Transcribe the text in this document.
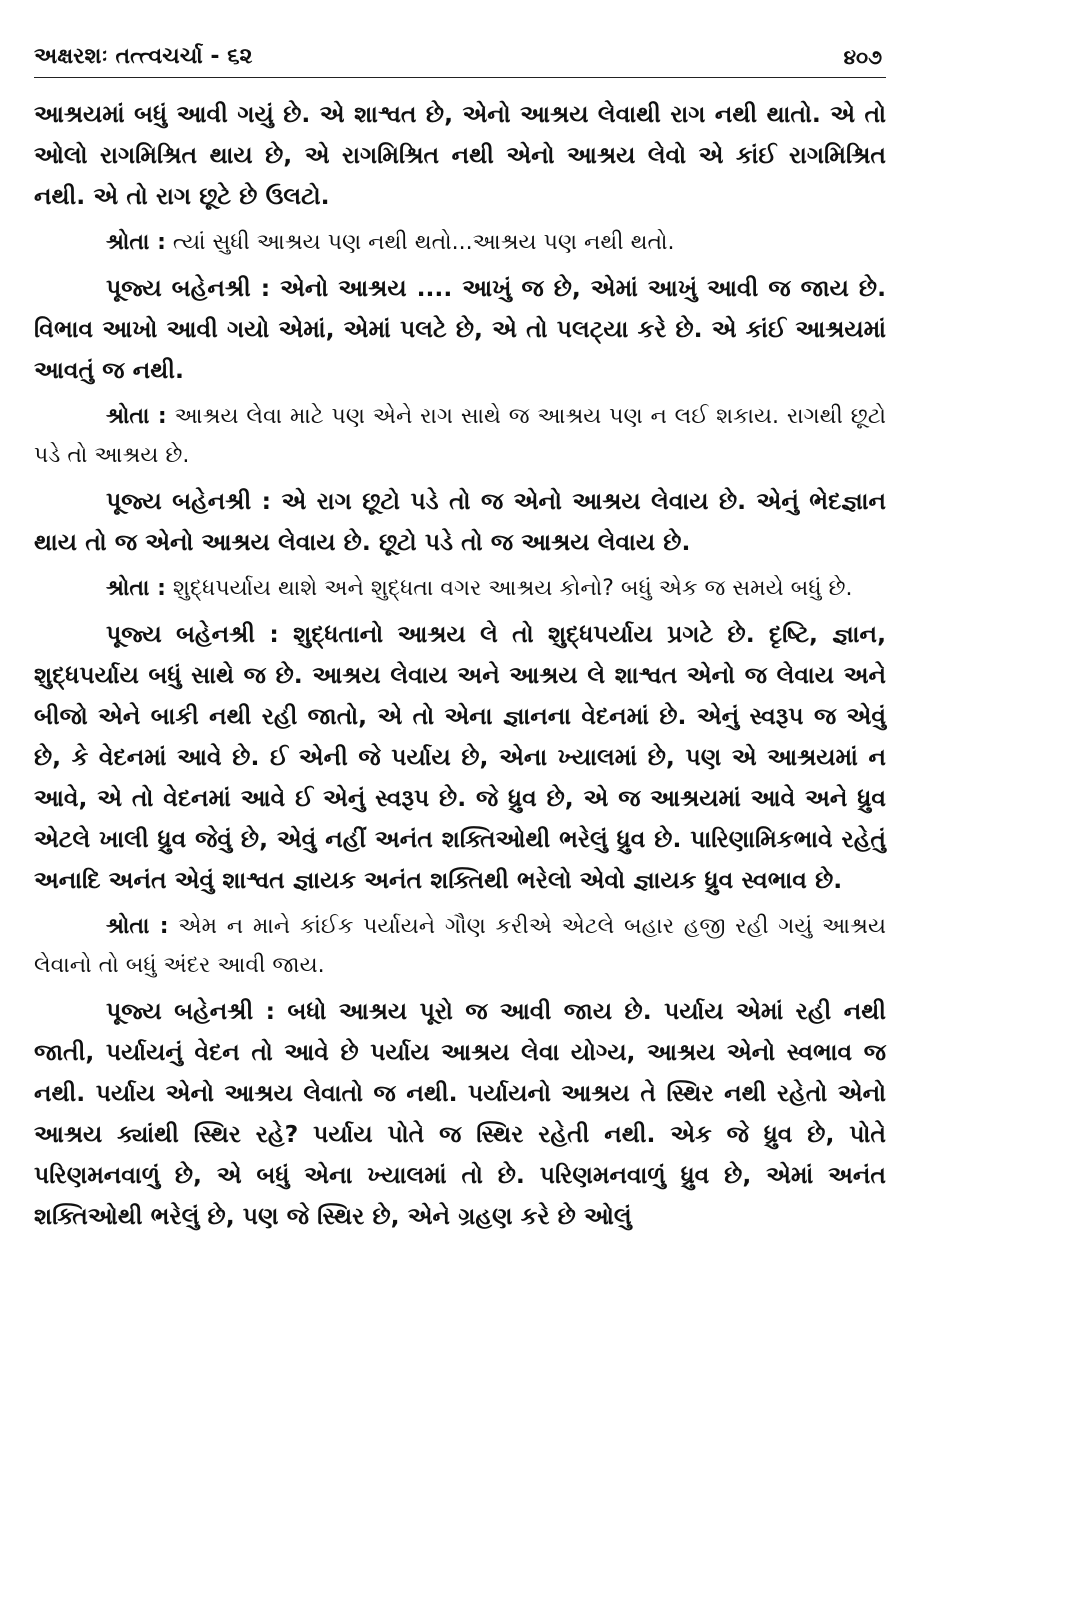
અક્ષરશઃ તત્ત્વચર્ચા - ૬૨	૪૦૭

આશ્રયમાં બધું આવી ગયું છે. એ શાશ્વત છે, એનો આશ્રય લેવાથી રાગ નથી થાતો. એ તો ઓલો રાગમિશ્રિત થાય છે, એ રાગમિશ્રિત નથી એનો આશ્રય લેવો એ કાંઈ રાગમિશ્રિત નથી. એ તો રાગ છૂટે છે ઉલટો.

શ્રોતા : ત્યાં સુધી આશ્રય પણ નથી થતો...આશ્રય પણ નથી થતો.

પૂજ્ય બહેનશ્રી : એનો આશ્રય .... આખું જ છે, એમાં આખું આવી જ જાય છે. વિભાવ આખો આવી ગયો એમાં, એમાં પલટે છે, એ તો પલટ્યા કરે છે. એ કાંઈ આશ્રયમાં આવતું જ નથી.

શ્રોતા : આશ્રય લેવા માટે પણ એને રાગ સાથે જ આશ્રય પણ ન લઈ શકાય. રાગથી છૂટો પડે તો આશ્રય છે.

પૂજ્ય બહેનશ્રી : એ રાગ છૂટો પડે તો જ એનો આશ્રય લેવાય છે. એનું ભેદજ્ઞાન થાય તો જ એનો આશ્રય લેવાય છે. છૂટો પડે તો જ આશ્રય લેવાય છે.

શ્રોતા : શુદ્ધપર્યાય થાશે અને શુદ્ધતા વગર આશ્રય કોનો? બધું એક જ સમયે બધું છે.

પૂજ્ય બહેનશ્રી : શુદ્ધતાનો આશ્રય લે તો શુદ્ધપર્યાય પ્રગટે છે. દૃષ્ટિ, જ્ઞાન, શુદ્ધપર્યાય બધું સાથે જ છે. આશ્રય લેવાય અને આશ્રય લે શાશ્વત એનો જ લેવાય અને બીજો એને બાકી નથી રહી જાતો, એ તો એના જ્ઞાનના વેદનમાં છે. એનું સ્વરૂપ જ એવું છે, કે વેદનમાં આવે છે. ઈ એની જે પર્યાય છે, એના ખ્યાલમાં છે, પણ એ આશ્રયમાં ન આવે, એ તો વેદનમાં આવે ઈ એનું સ્વરૂપ છે. જે ધ્રુવ છે, એ જ આશ્રયમાં આવે અને ધ્રુવ એટલે ખાલી ધ્રુવ જેવું છે, એવું નહીં અનંત શક્તિઓથી ભરેલું ધ્રુવ છે. પારિણામિકભાવે રહેતું અનાદિ અનંત એવું શાશ્વત જ્ઞાયક અનંત શક્તિથી ભરેલો એવો જ્ઞાયક ધ્રુવ સ્વભાવ છે.

શ્રોતા : એમ ન માને કાંઈક પર્યાયને ગૌણ કરીએ એટલે બહાર હજી રહી ગયું આશ્રય લેવાનો તો બધું અંદર આવી જાય.

પૂજ્ય બહેનશ્રી : બધો આશ્રય પૂરો જ આવી જાય છે. પર્યાય એમાં રહી નથી જાતી, પર્યાયનું વેદન તો આવે છે પર્યાય આશ્રય લેવા યોગ્ય, આશ્રય એનો સ્વભાવ જ નથી. પર્યાય એનો આશ્રય લેવાતો જ નથી. પર્યાયનો આશ્રય તે સ્થિર નથી રહેતો એનો આશ્રય ક્યાંથી સ્થિર રહે? પર્યાય પોતે જ સ્થિર રહેતી નથી. એક જે ધ્રુવ છે, પોતે પરિણમનવાળું છે, એ બધું એના ખ્યાલમાં તો છે. પરિણમનવાળું ધ્રુવ છે, એમાં અનંત શક્તિઓથી ભરેલું છે, પણ જે સ્થિર છે, એને ગ્રહણ કરે છે ઓલું
